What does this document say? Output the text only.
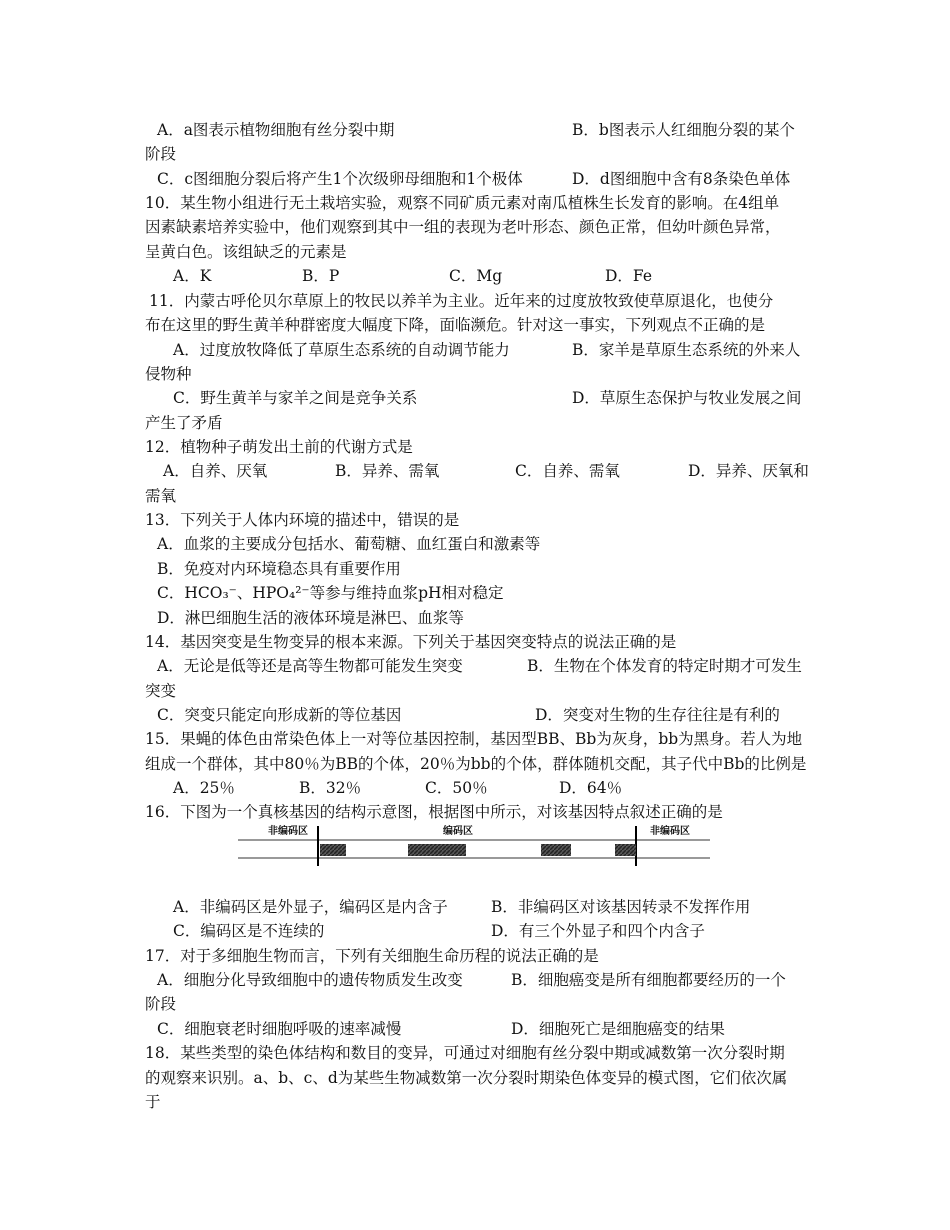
A．a图表示植物细胞有丝分裂中期	B．b图表示人红细胞分裂的某个
阶段
C．c图细胞分裂后将产生1个次级卵母细胞和1个极体	D．d图细胞中含有8条染色单体
10．某生物小组进行无土栽培实验，观察不同矿质元素对南瓜植株生长发育的影响。在4组单
因素缺素培养实验中，他们观察到其中一组的表现为老叶形态、颜色正常，但幼叶颜色异常，
呈黄白色。该组缺乏的元素是
A．K	B．P	C．Mg	D．Fe
11．内蒙古呼伦贝尔草原上的牧民以养羊为主业。近年来的过度放牧致使草原退化，也使分
布在这里的野生黄羊种群密度大幅度下降，面临濒危。针对这一事实，下列观点不正确的是
A．过度放牧降低了草原生态系统的自动调节能力	B．家羊是草原生态系统的外来人
侵物种
C．野生黄羊与家羊之间是竞争关系	D．草原生态保护与牧业发展之间
产生了矛盾
12．植物种子萌发出土前的代谢方式是
A．自养、厌氧	B．异养、需氧	C．自养、需氧	D．异养、厌氧和
需氧
13．下列关于人体内环境的描述中，错误的是
A．血浆的主要成分包括水、葡萄糖、血红蛋白和激素等
B．免疫对内环境稳态具有重要作用
C．HCO₃⁻、HPO₄²⁻等参与维持血浆pH相对稳定
D．淋巴细胞生活的液体环境是淋巴、血浆等
14．基因突变是生物变异的根本来源。下列关于基因突变特点的说法正确的是
A．无论是低等还是高等生物都可能发生突变	B．生物在个体发育的特定时期才可发生
突变
C．突变只能定向形成新的等位基因	D．突变对生物的生存往往是有利的
15．果蝇的体色由常染色体上一对等位基因控制，基因型BB、Bb为灰身，bb为黑身。若人为地
组成一个群体，其中80％为BB的个体，20％为bb的个体，群体随机交配，其子代中Bb的比例是
A．25％	B．32％	C．50％	D．64％
16．下图为一个真核基因的结构示意图，根据图中所示，对该基因特点叙述正确的是
非编码区	编码区	非编码区
A．非编码区是外显子，编码区是内含子	B．非编码区对该基因转录不发挥作用
C．编码区是不连续的	D．有三个外显子和四个内含子
17．对于多细胞生物而言，下列有关细胞生命历程的说法正确的是
A．细胞分化导致细胞中的遗传物质发生改变	B．细胞癌变是所有细胞都要经历的一个
阶段
C．细胞衰老时细胞呼吸的速率减慢	D．细胞死亡是细胞癌变的结果
18．某些类型的染色体结构和数目的变异，可通过对细胞有丝分裂中期或减数第一次分裂时期
的观察来识别。a、b、c、d为某些生物减数第一次分裂时期染色体变异的模式图，它们依次属
于
